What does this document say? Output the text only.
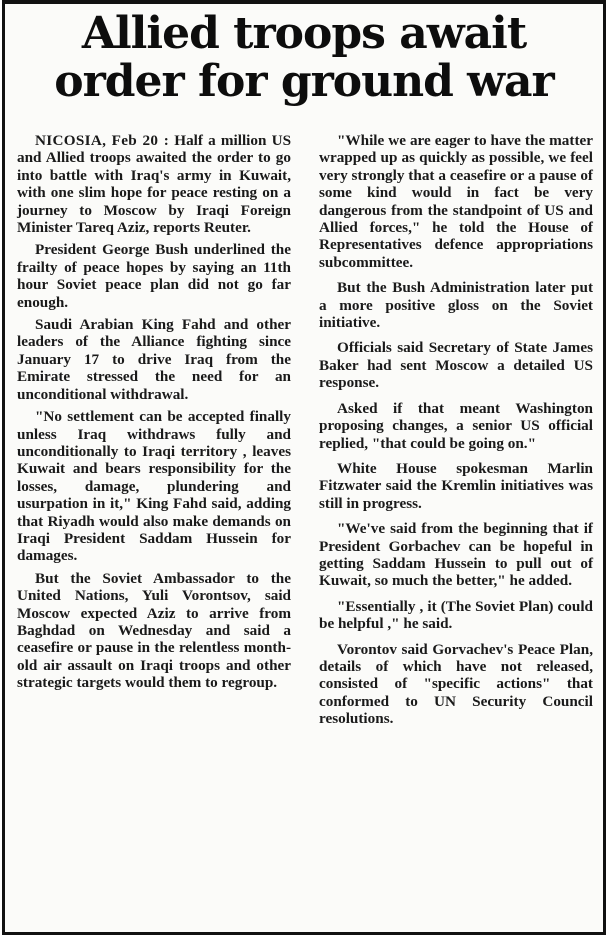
Allied troops await
order for ground war

NICOSIA, Feb 20 : Half a million US and Allied troops awaited the order to go into battle with Iraq's army in Kuwait, with one slim hope for peace resting on a journey to Moscow by Iraqi Foreign Minister Tareq Aziz, reports Reuter.

President George Bush underlined the frailty of peace hopes by saying an 11th hour Soviet peace plan did not go far enough.

Saudi Arabian King Fahd and other leaders of the Alliance fighting since January 17 to drive Iraq from the Emirate stressed the need for an unconditional withdrawal.

"No settlement can be accepted finally unless Iraq withdraws fully and unconditionally to Iraqi territory , leaves Kuwait and bears responsibility for the losses, damage, plundering and usurpation in it," King Fahd said, adding that Riyadh would also make demands on Iraqi President Saddam Hussein for damages.

But the Soviet Ambassador to the United Nations, Yuli Vorontsov, said Moscow expected Aziz to arrive from Baghdad on Wednesday and said a ceasefire or pause in the relentless month-old air assault on Iraqi troops and other strategic targets would them to regroup.

"While we are eager to have the matter wrapped up as quickly as possible, we feel very strongly that a ceasefire or a pause of some kind would in fact be very dangerous from the standpoint of US and Allied forces," he told the House of Representatives defence appropriations subcommittee.

But the Bush Administration later put a more positive gloss on the Soviet initiative.

Officials said Secretary of State James Baker had sent Moscow a detailed US response.

Asked if that meant Washington proposing changes, a senior US official replied, "that could be going on."

White House spokesman Marlin Fitzwater said the Kremlin initiatives was still in progress.

"We've said from the beginning that if President Gorbachev can be hopeful in getting Saddam Hussein to pull out of Kuwait, so much the better," he added.

"Essentially , it (The Soviet Plan) could be helpful ," he said.

Vorontov said Gorvachev's Peace Plan, details of which have not released, consisted of "specific actions" that conformed to UN Security Council resolutions.
